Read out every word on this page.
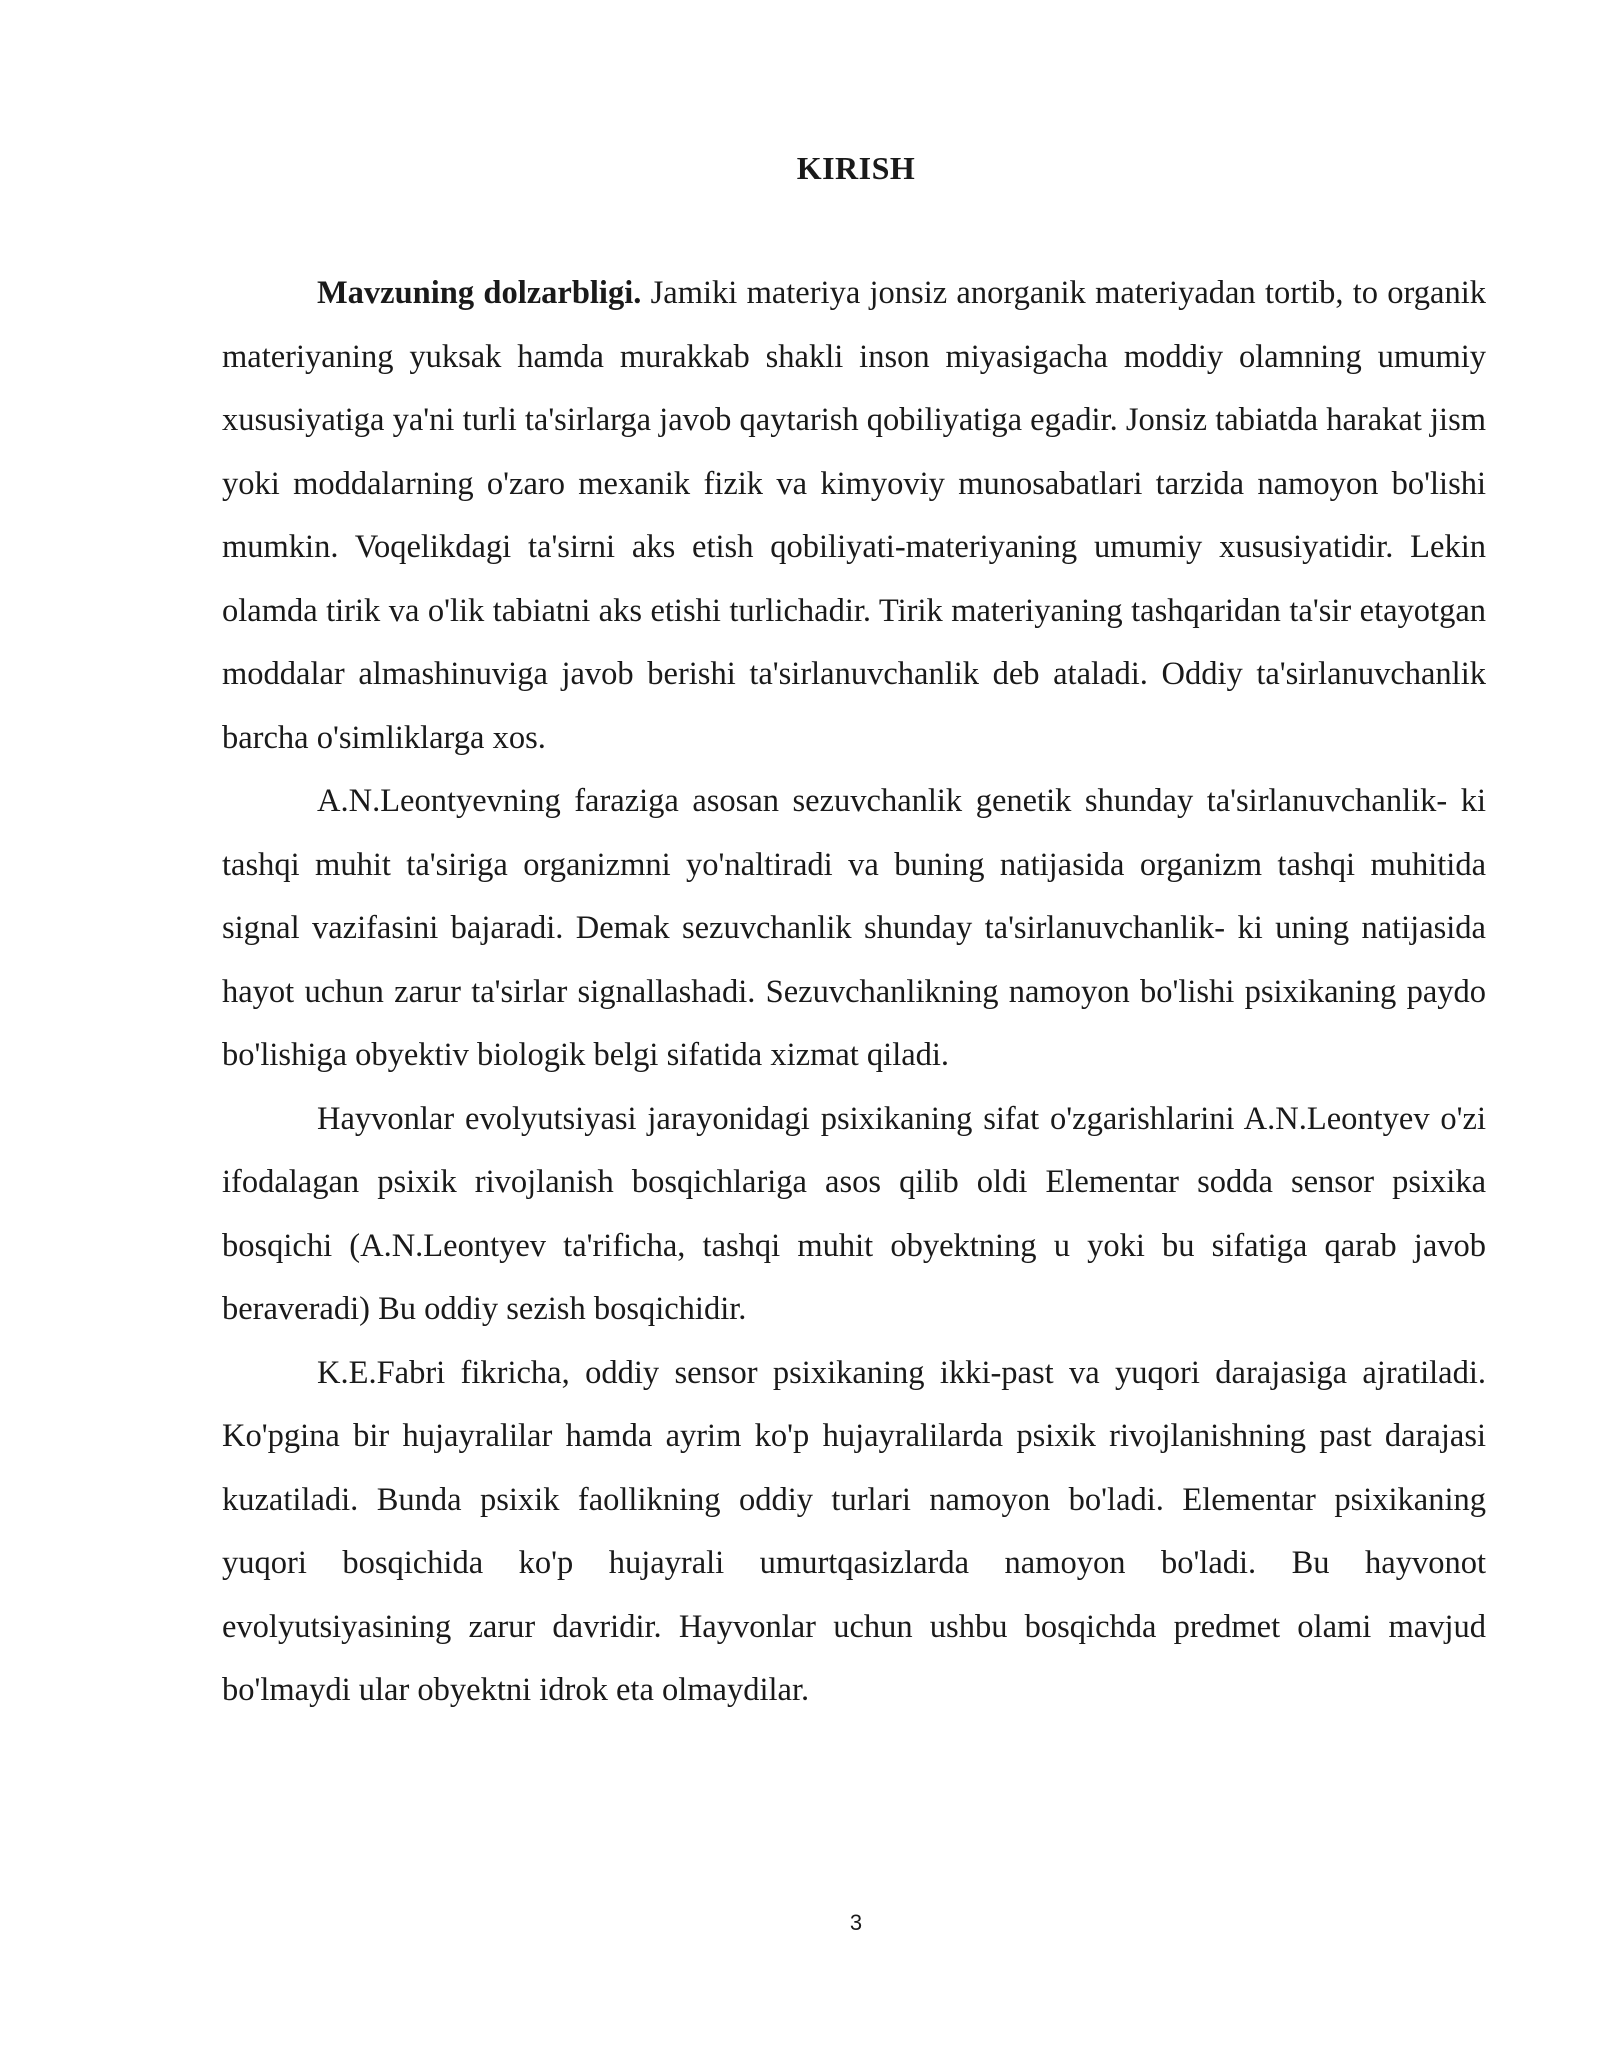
KIRISH

Mavzuning dolzarbligi. Jamiki materiya jonsiz anorganik materiyadan tortib, to organik materiyaning yuksak hamda murakkab shakli inson miyasigacha moddiy olamning umumiy xususiyatiga ya'ni turli ta'sirlarga javob qaytarish qobiliyatiga egadir. Jonsiz tabiatda harakat jism yoki moddalarning o'zaro mexanik fizik va kimyoviy munosabatlari tarzida namoyon bo'lishi mumkin. Voqelikdagi ta'sirni aks etish qobiliyati-materiyaning umumiy xususiyatidir. Lekin olamda tirik va o'lik tabiatni aks etishi turlichadir. Tirik materiyaning tashqaridan ta'sir etayotgan moddalar almashinuviga javob berishi ta'sirlanuvchanlik deb ataladi. Oddiy ta'sirlanuvchanlik barcha o'simliklarga xos.

A.N.Leontyevning faraziga asosan sezuvchanlik genetik shunday ta'sirlanuvchanlik- ki tashqi muhit ta'siriga organizmni yo'naltiradi va buning natijasida organizm tashqi muhitida signal vazifasini bajaradi. Demak sezuvchanlik shunday ta'sirlanuvchanlik- ki uning natijasida hayot uchun zarur ta'sirlar signallashadi. Sezuvchanlikning namoyon bo'lishi psixikaning paydo bo'lishiga obyektiv biologik belgi sifatida xizmat qiladi.

Hayvonlar evolyutsiyasi jarayonidagi psixikaning sifat o'zgarishlarini A.N.Leontyev o'zi ifodalagan psixik rivojlanish bosqichlariga asos qilib oldi Elementar sodda sensor psixika bosqichi (A.N.Leontyev ta'rificha, tashqi muhit obyektning u yoki bu sifatiga qarab javob beraveradi) Bu oddiy sezish bosqichidir.

K.E.Fabri fikricha, oddiy sensor psixikaning ikki-past va yuqori darajasiga ajratiladi. Ko'pgina bir hujayralilar hamda ayrim ko'p hujayralilarda psixik rivojlanishning past darajasi kuzatiladi. Bunda psixik faollikning oddiy turlari namoyon bo'ladi. Elementar psixikaning yuqori bosqichida ko'p hujayrali umurtqasizlarda namoyon bo'ladi. Bu hayvonot evolyutsiyasining zarur davridir. Hayvonlar uchun ushbu bosqichda predmet olami mavjud bo'lmaydi ular obyektni idrok eta olmaydilar.

3
